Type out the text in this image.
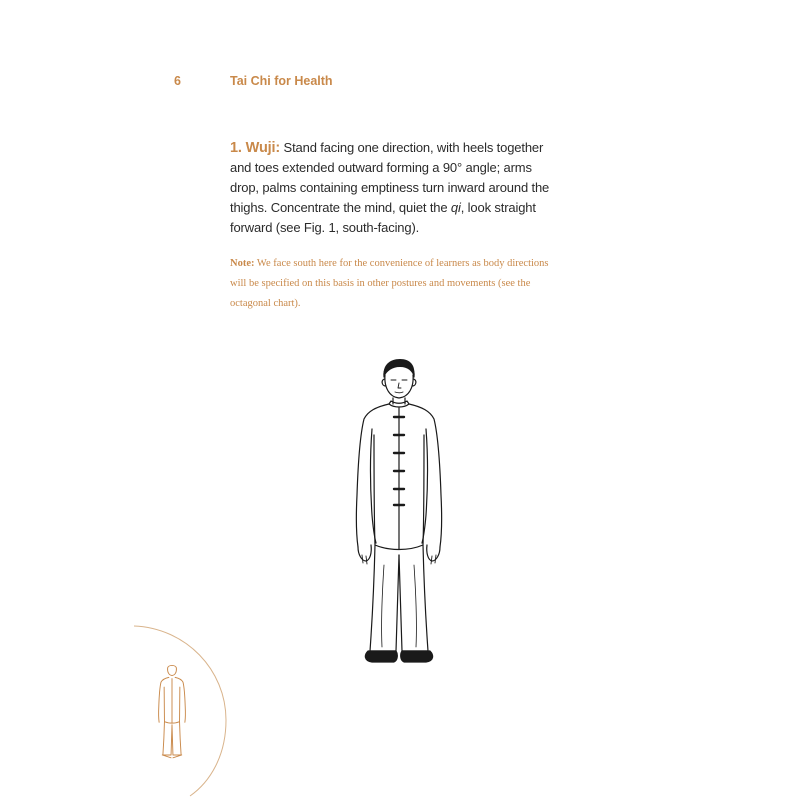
6	Tai Chi for Health
1. Wuji: Stand facing one direction, with heels together and toes extended outward forming a 90° angle; arms drop, palms containing emptiness turn inward around the thighs. Concentrate the mind, quiet the qi, look straight forward (see Fig. 1, south-facing).
Note: We face south here for the convenience of learners as body directions will be specified on this basis in other postures and movements (see the octagonal chart).
